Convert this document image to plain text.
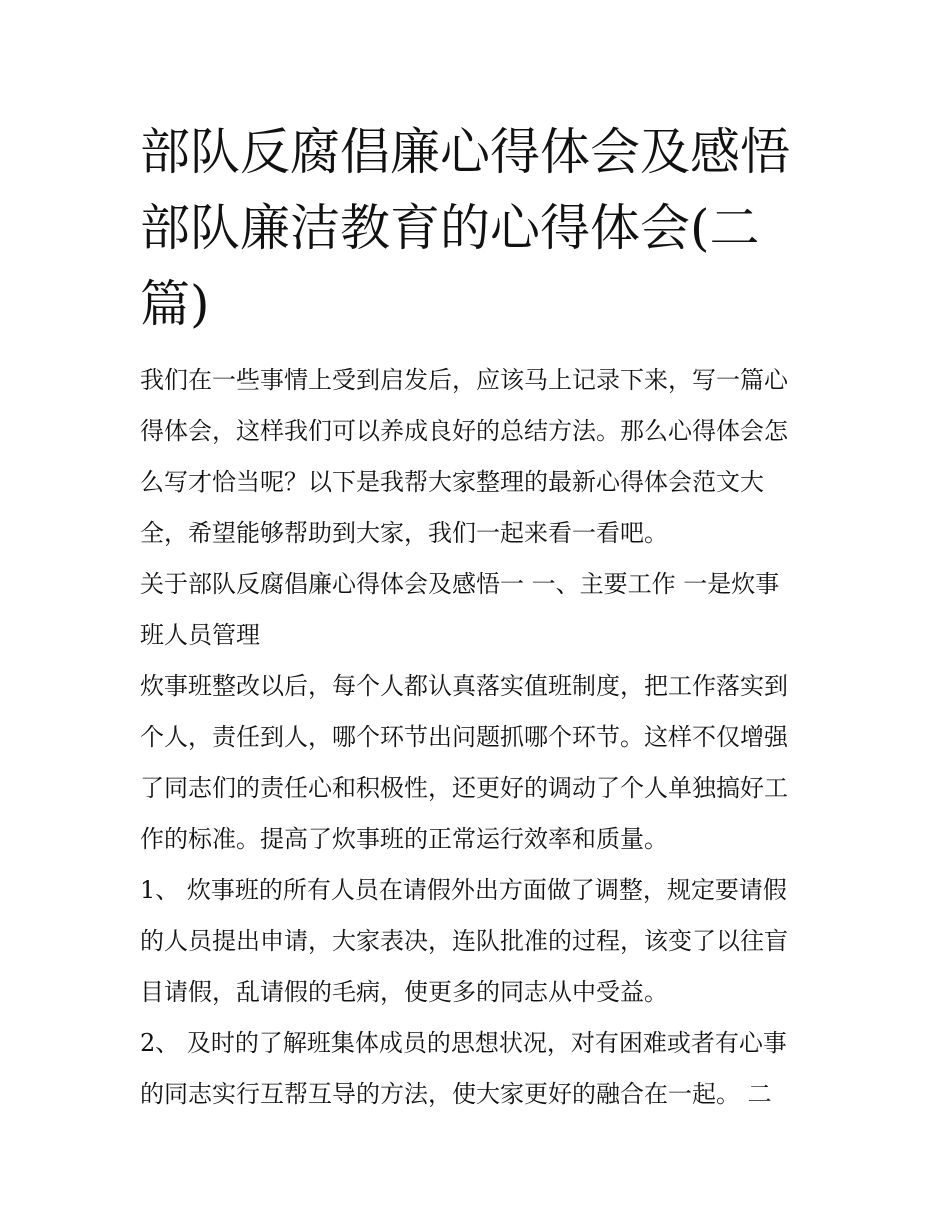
部队反腐倡廉心得体会及感悟
部队廉洁教育的心得体会(二
篇)

我们在一些事情上受到启发后，应该马上记录下来，写一篇心
得体会，这样我们可以养成良好的总结方法。那么心得体会怎
么写才恰当呢？以下是我帮大家整理的最新心得体会范文大
全，希望能够帮助到大家，我们一起来看一看吧。

关于部队反腐倡廉心得体会及感悟一 一、主要工作 一是炊事
班人员管理

炊事班整改以后，每个人都认真落实值班制度，把工作落实到
个人，责任到人，哪个环节出问题抓哪个环节。这样不仅增强
了同志们的责任心和积极性，还更好的调动了个人单独搞好工
作的标准。提高了炊事班的正常运行效率和质量。

1、 炊事班的所有人员在请假外出方面做了调整，规定要请假
的人员提出申请，大家表决，连队批准的过程，该变了以往盲
目请假，乱请假的毛病，使更多的同志从中受益。

2、 及时的了解班集体成员的思想状况，对有困难或者有心事
的同志实行互帮互导的方法，使大家更好的融合在一起。 二
